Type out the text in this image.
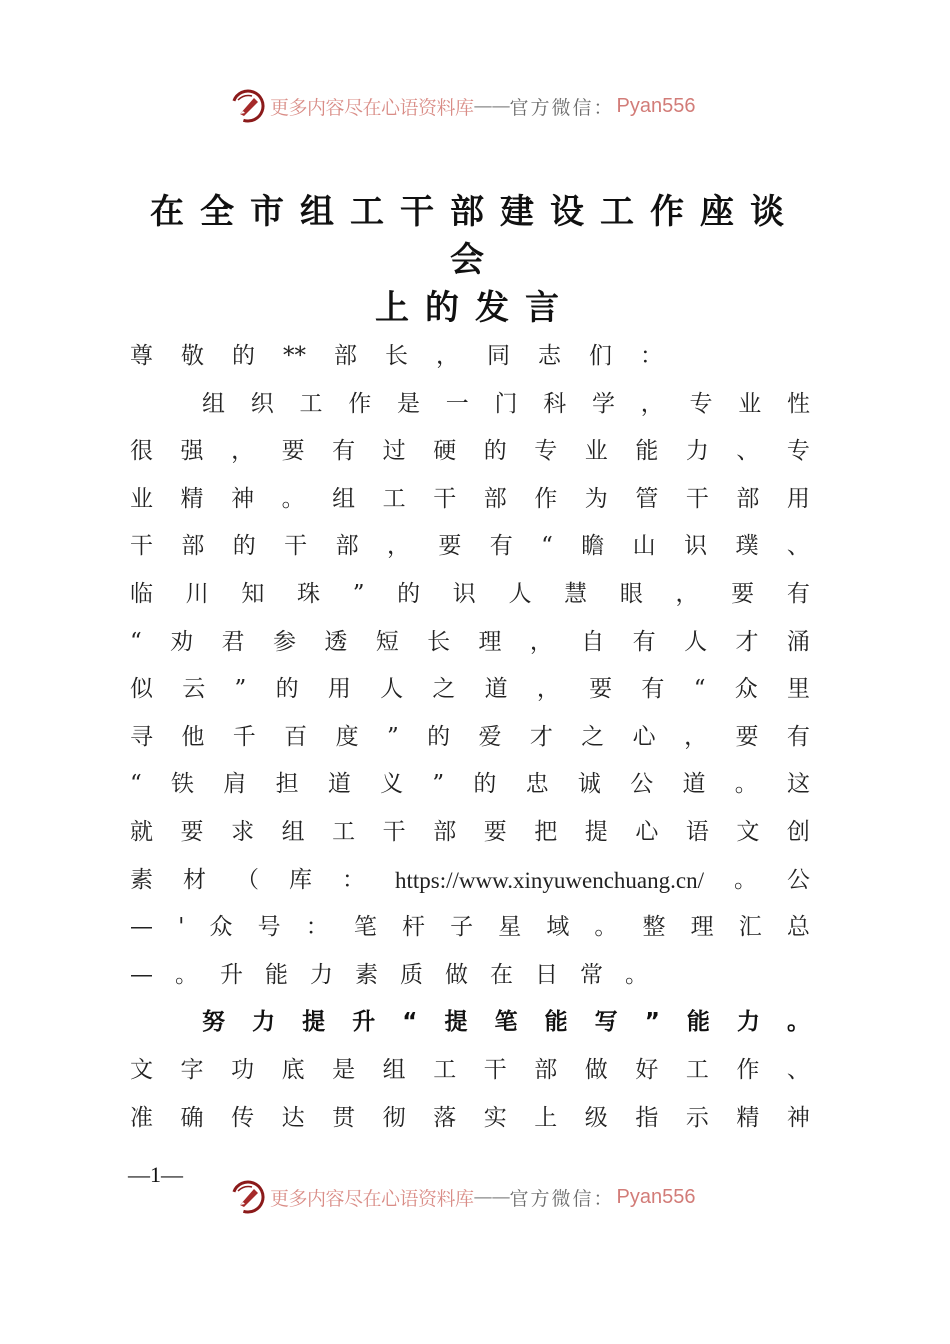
更多内容尽在心语资料库 —— 官方微信： Pyan556
在全市组工干部建设工作座谈会
上的发言
尊 敬 的 ** 部 长 ， 同 志 们 ：
组 织 工 作 是 一 门 科 学 ， 专 业 性
很 强 ， 要 有 过 硬 的 专 业 能 力 、 专
业 精 神 。 组 工 干 部 作 为 管 干 部 用
干 部 的 干 部 ， 要 有 “ 瞻 山 识 璞 、
临 川 知 珠 ” 的 识 人 慧 眼 ， 要 有
“ 劝 君 参 透 短 长 理 ， 自 有 人 才 涌
似 云 ” 的 用 人 之 道 ， 要 有 “ 众 里
寻 他 千 百 度 ” 的 爱 才 之 心 ， 要 有
“ 铁 肩 担 道 义 ” 的 忠 诚 公 道 。 这
就 要 求 组 工 干 部 要 把 提 心 语 文 创
素 材 （ 库 ： https://www.xinyuwenchuang.cn/ 。 公
— ' 众 号 ： 笔 杆 子 星 域 。 整 理 汇 总
— 。 升 能 力 素 质 做 在 日 常 。
努 力 提 升 “ 提 笔 能 写 ” 能 力 。
文 字 功 底 是 组 工 干 部 做 好 工 作 、
准 确 传 达 贯 彻 落 实 上 级 指 示 精 神
—1—
更多内容尽在心语资料库 —— 官方微信： Pyan556
